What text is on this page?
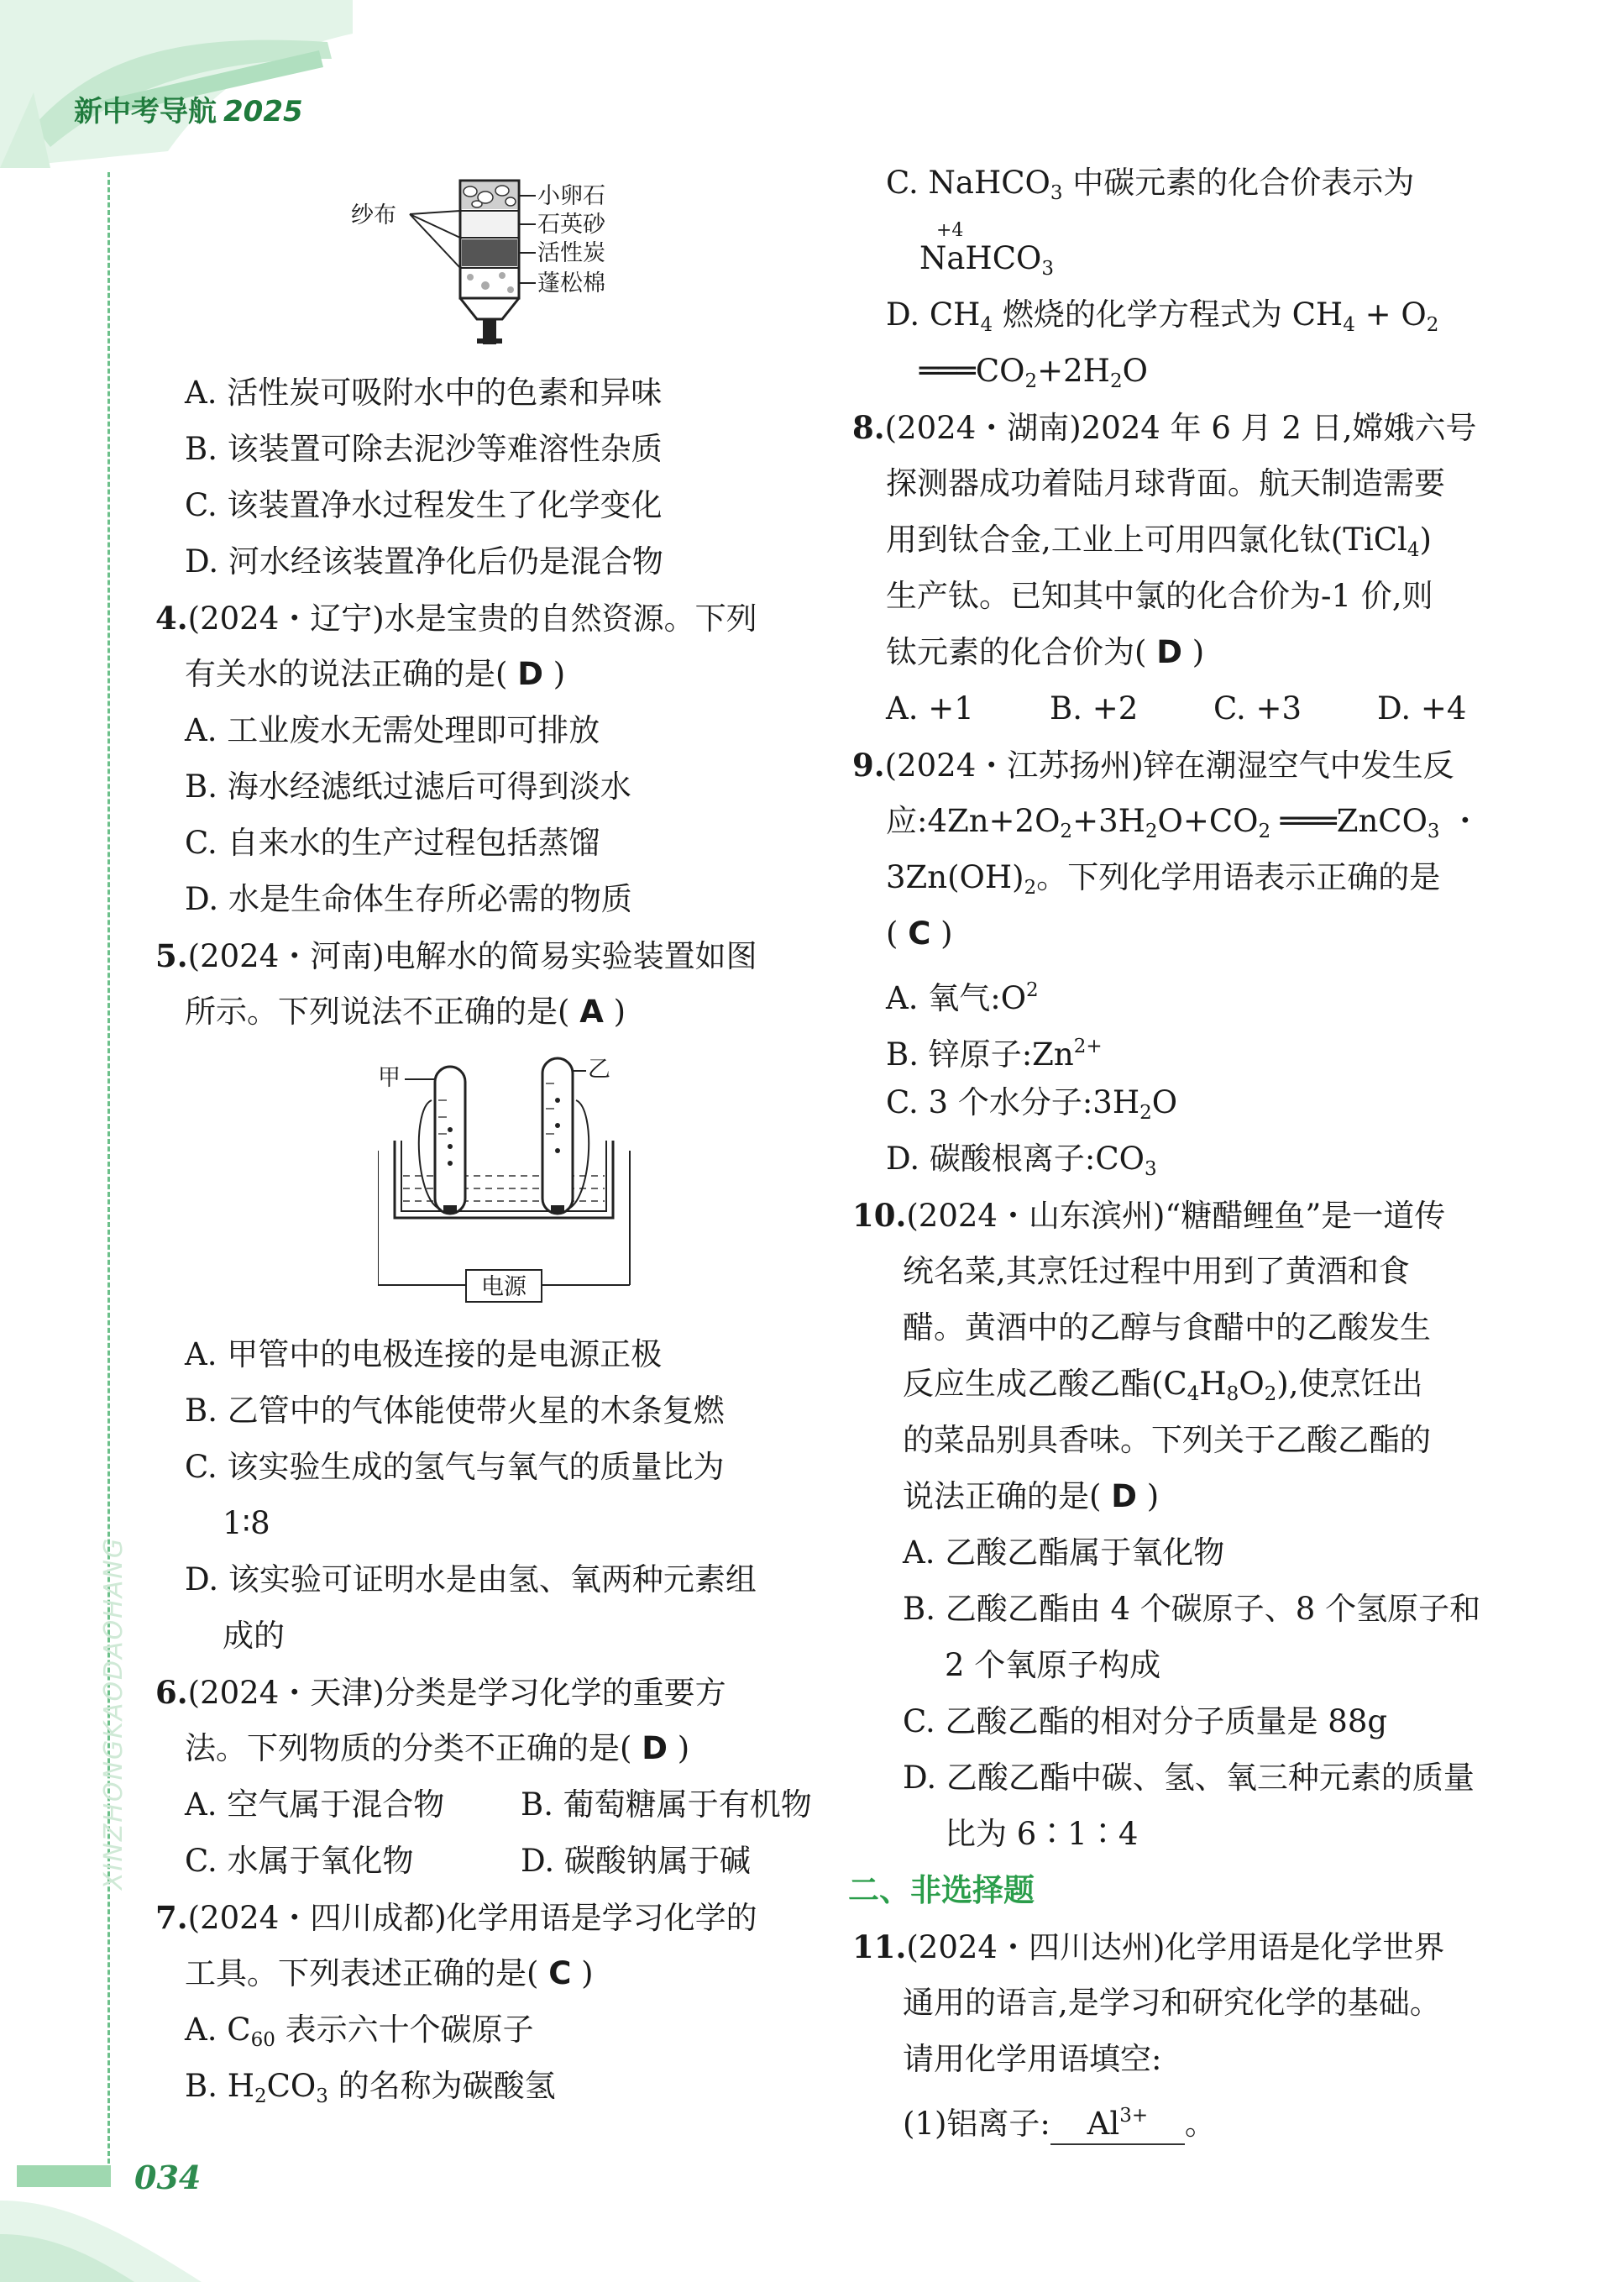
新中考导航 2025
XINZHONGKAODAOHANG
纱布
小卵石
石英砂
活性炭
蓬松棉
A. 活性炭可吸附水中的色素和异味
B. 该装置可除去泥沙等难溶性杂质
C. 该装置净水过程发生了化学变化
D. 河水经该装置净化后仍是混合物
4.(2024・辽宁)水是宝贵的自然资源。下列
有关水的说法正确的是( D )
A. 工业废水无需处理即可排放
B. 海水经滤纸过滤后可得到淡水
C. 自来水的生产过程包括蒸馏
D. 水是生命体生存所必需的物质
5.(2024・河南)电解水的简易实验装置如图
所示。下列说法不正确的是( A )
甲	乙
电源
A. 甲管中的电极连接的是电源正极
B. 乙管中的气体能使带火星的木条复燃
C. 该实验生成的氢气与氧气的质量比为
1∶8
D. 该实验可证明水是由氢、氧两种元素组
成的
6.(2024・天津)分类是学习化学的重要方
法。下列物质的分类不正确的是( D )
A. 空气属于混合物 B. 葡萄糖属于有机物
C. 水属于氧化物	D. 碳酸钠属于碱
7.(2024・四川成都)化学用语是学习化学的
工具。下列表述正确的是( C )
A. $C_{60}$ 表示六十个碳原子
B. $H_2CO_3$ 的名称为碳酸氢
C. NaHCO$_3$ 中碳元素的化合价表示为
+4
NaHCO$_3$
D. $CH_4$ 燃烧的化学方程式为 $CH_4 + O_2$
$═══CO_2+2H_2O$
8.(2024・湖南)2024 年 6 月 2 日,嫦娥六号
探测器成功着陆月球背面。航天制造需要
用到钛合金,工业上可用四氯化钛(TiCl$_4$)
生产钛。已知其中氯的化合价为-1 价,则
钛元素的化合价为( D )
A. +1 B. +2 C. +3 D. +4
9.(2024・江苏扬州)锌在潮湿空气中发生反
应$:4Zn+2O_2+3H_2O+CO_2$ ═══ZnCO$_3$ ・
$3Zn(OH)_2$。下列化学用语表示正确的是
( C )
A. 氧气$:O^2$
B. 锌原子$:Zn^{2+}$
C. 3 个水分子$:3H_2O$
D. 碳酸根离子$:CO_3$
10.(2024・山东滨州)“糖醋鲤鱼”是一道传
统名菜,其烹饪过程中用到了黄酒和食
醋。黄酒中的乙醇与食醋中的乙酸发生
反应生成乙酸乙酯$(C_4H_8O_2)$,使烹饪出
的菜品别具香味。下列关于乙酸乙酯的
说法正确的是( D )
A. 乙酸乙酯属于氧化物
B. 乙酸乙酯由 4 个碳原子、8 个氢原子和
2 个氧原子构成
C. 乙酸乙酯的相对分子质量是 88g
D. 乙酸乙酯中碳、氢、氧三种元素的质量
比为 6∶1∶4
二、非选择题
11.(2024・四川达州)化学用语是化学世界
通用的语言,是学习和研究化学的基础。
请用化学用语填空:
(1)铝离子: $Al^{3+}$ 。
034
